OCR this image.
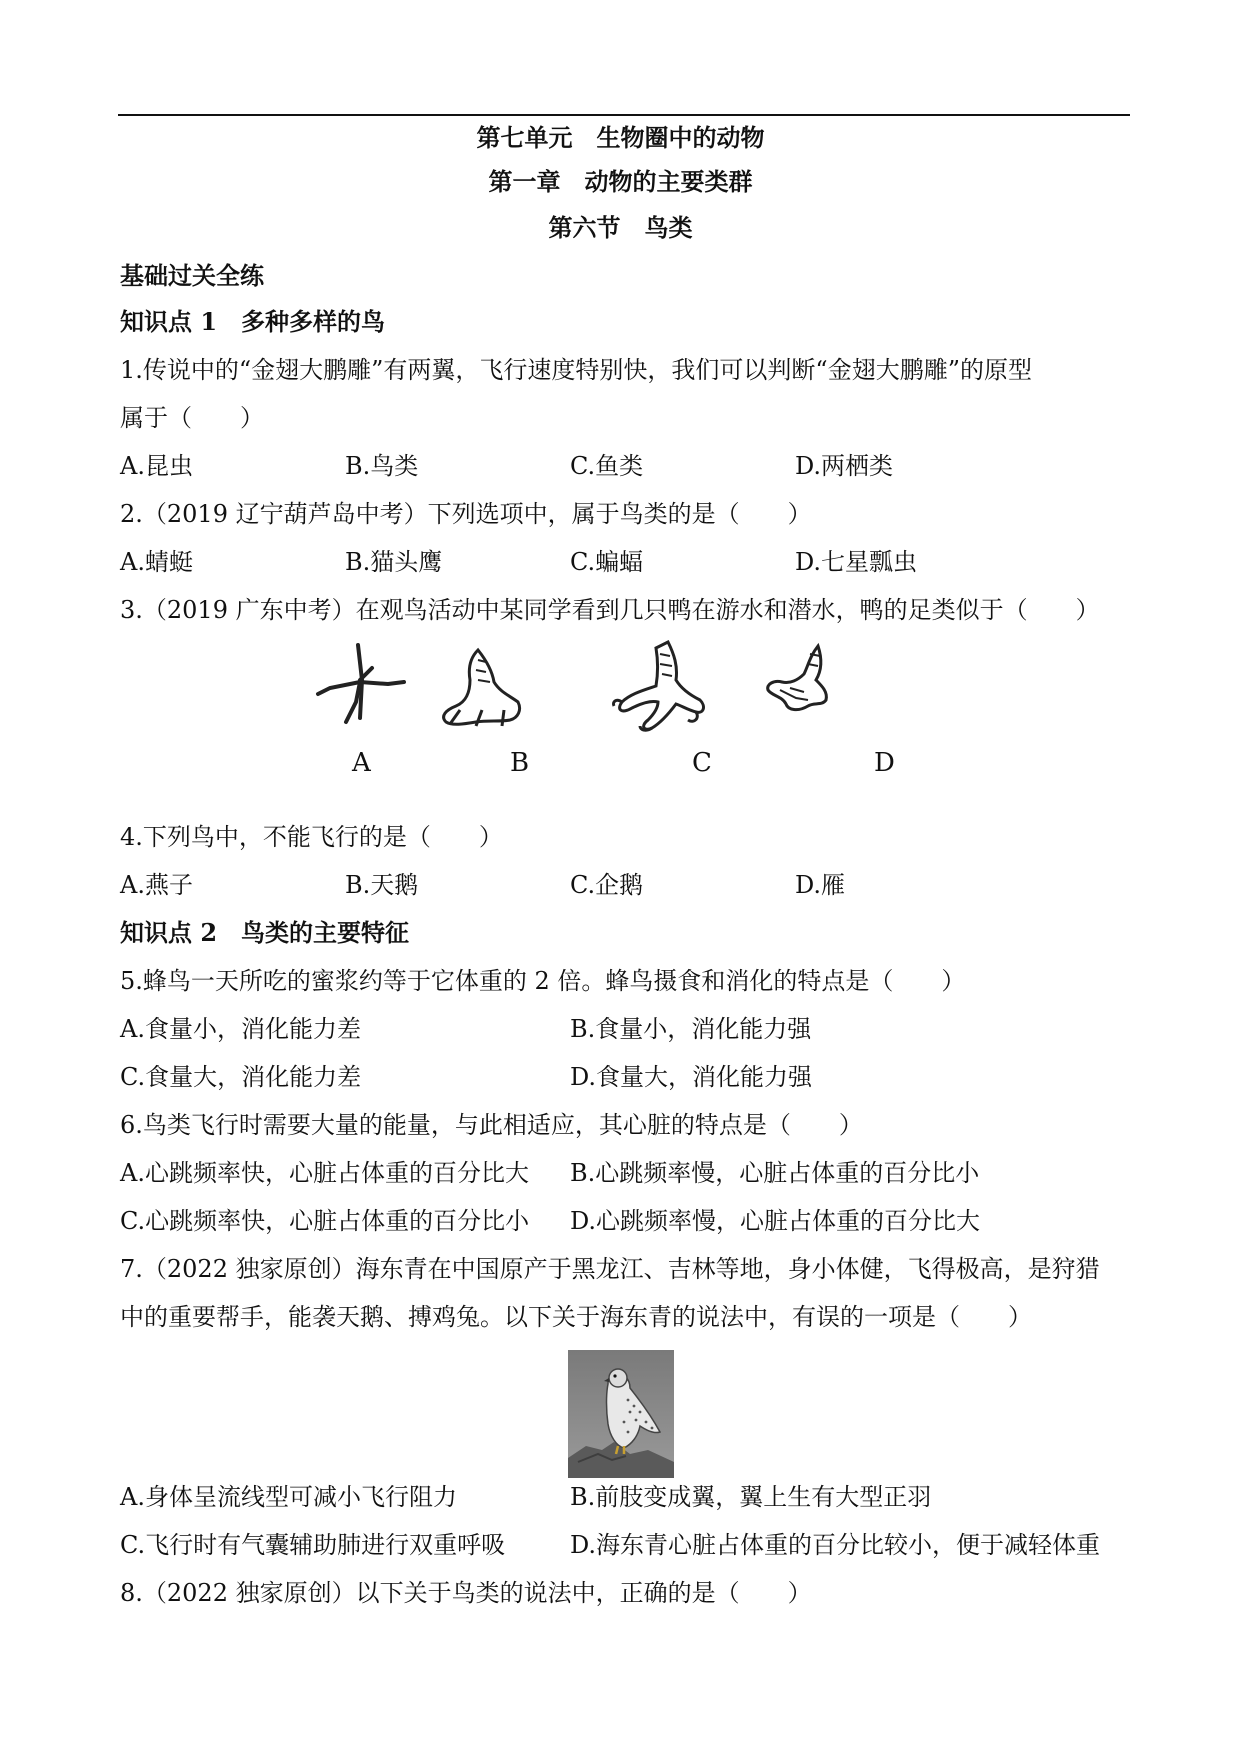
第七单元　生物圈中的动物
第一章　动物的主要类群
第六节　鸟类
基础过关全练
知识点 1　多种多样的鸟
1.传说中的“金翅大鹏雕”有两翼，飞行速度特别快，我们可以判断“金翅大鹏雕”的原型
属于（　　）
A.昆虫	B.鸟类	C.鱼类	D.两栖类
2.（2019 辽宁葫芦岛中考）下列选项中，属于鸟类的是（　　）
A.蜻蜓	B.猫头鹰	C.蝙蝠	D.七星瓢虫
3.（2019 广东中考）在观鸟活动中某同学看到几只鸭在游水和潜水，鸭的足类似于（　　）
A	B	C	D
4.下列鸟中，不能飞行的是（　　）
A.燕子	B.天鹅	C.企鹅	D.雁
知识点 2　鸟类的主要特征
5.蜂鸟一天所吃的蜜浆约等于它体重的 2 倍。蜂鸟摄食和消化的特点是（　　）
A.食量小，消化能力差	B.食量小，消化能力强
C.食量大，消化能力差	D.食量大，消化能力强
6.鸟类飞行时需要大量的能量，与此相适应，其心脏的特点是（　　）
A.心跳频率快，心脏占体重的百分比大 B.心跳频率慢，心脏占体重的百分比小
C.心跳频率快，心脏占体重的百分比小 D.心跳频率慢，心脏占体重的百分比大
7.（2022 独家原创）海东青在中国原产于黑龙江、吉林等地，身小体健，飞得极高，是狩猎
中的重要帮手，能袭天鹅、搏鸡兔。以下关于海东青的说法中，有误的一项是（　　）
A.身体呈流线型可减小飞行阻力	B.前肢变成翼，翼上生有大型正羽
C.飞行时有气囊辅助肺进行双重呼吸	D.海东青心脏占体重的百分比较小，便于减轻体重
8.（2022 独家原创）以下关于鸟类的说法中，正确的是（　　）
